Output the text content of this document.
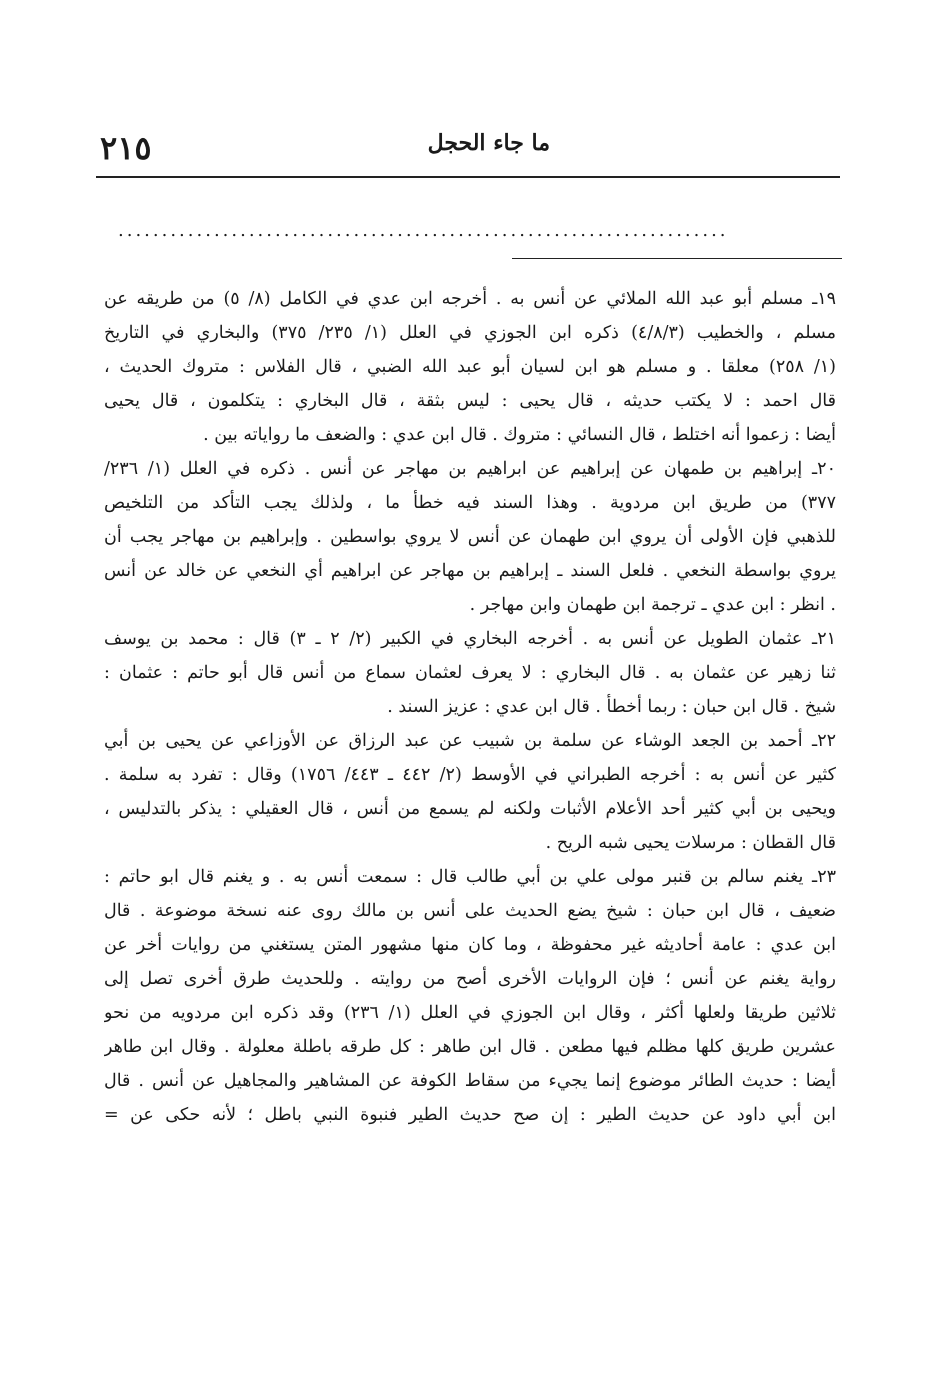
٢١٥	ما جاء الحجل
......................................................................
١٩ـ مسلم أبو عبد الله الملائي عن أنس به . أخرجه ابن عدي في الكامل (٨/ ٥) من طريقه عن
مسلم ، والخطيب (٤/٨/٣) ذكره ابن الجوزي في العلل (١/ ٢٣٥/ ٣٧٥) والبخاري في التاريخ
(١/ ٢٥٨) معلقا . و مسلم هو ابن لسيان أبو عبد الله الضبي ، قال الفلاس : متروك الحديث ،
قال احمد : لا يكتب حديثه ، قال يحيى : ليس بثقة ، قال البخاري : يتكلمون ، قال يحيى
أيضا : زعموا أنه اختلط ، قال النسائي : متروك . قال ابن عدي : والضعف ما رواياته بين .
٢٠ـ إبراهيم بن طمهان عن إبراهيم عن ابراهيم بن مهاجر عن أنس . ذكره في العلل (١/ ٢٣٦/
٣٧٧) من طريق ابن مردوية . وهذا السند فيه خطأ ما ، ولذلك يجب التأكد من التلخيص
للذهبي فإن الأولى أن يروي ابن طهمان عن أنس لا يروي بواسطين . وإبراهيم بن مهاجر يجب أن
يروي بواسطة النخعي . فلعل السند ـ إبراهيم بن مهاجر عن ابراهيم أي النخعي عن خالد عن أنس
. انظر : ابن عدي ـ ترجمة ابن طهمان وابن مهاجر .
٢١ـ عثمان الطويل عن أنس به . أخرجه البخاري في الكبير (٢/ ٢ ـ ٣) قال : محمد بن يوسف
ثنا زهير عن عثمان به . قال البخاري : لا يعرف لعثمان سماع من أنس قال أبو حاتم : عثمان :
شيخ . قال ابن حبان : ربما أخطأ . قال ابن عدي : عزيز السند .
٢٢ـ أحمد بن الجعد الوشاء عن سلمة بن شبيب عن عبد الرزاق عن الأوزاعي عن يحيى بن أبي
كثير عن أنس به : أخرجه الطبراني في الأوسط (٢/ ٤٤٢ ـ ٤٤٣/ ١٧٥٦) وقال : تفرد به سلمة .
ويحيى بن أبي كثير أحد الأعلام الأثبات ولكنه لم يسمع من أنس ، قال العقيلي : يذكر بالتدليس ،
قال القطان : مرسلات يحيى شبه الريح .
٢٣ـ يغنم سالم بن قنبر مولى علي بن أبي طالب قال : سمعت أنس به . و يغنم قال ابو حاتم :
ضعيف ، قال ابن حبان : شيخ يضع الحديث على أنس بن مالك روى عنه نسخة موضوعة . قال
ابن عدي : عامة أحاديثه غير محفوظة ، وما كان منها مشهور المتن يستغني من روايات أخر عن
رواية يغنم عن أنس ؛ فإن الروايات الأخرى أصح من روايته . وللحديث طرق أخرى تصل إلى
ثلاثين طريقا ولعلها أكثر ، وقال ابن الجوزي في العلل (١/ ٢٣٦) وقد ذكره ابن مردويه من نحو
عشرين طريق كلها مظلم فيها مطعن . قال ابن طاهر : كل طرقه باطلة معلولة . وقال ابن طاهر
أيضا : حديث الطائر موضوع إنما يجيء من سقاط الكوفة عن المشاهير والمجاهيل عن أنس . قال
ابن أبي داود عن حديث الطير : إن صح حديث الطير فنبوة النبي باطل ؛ لأنه حكى عن =
